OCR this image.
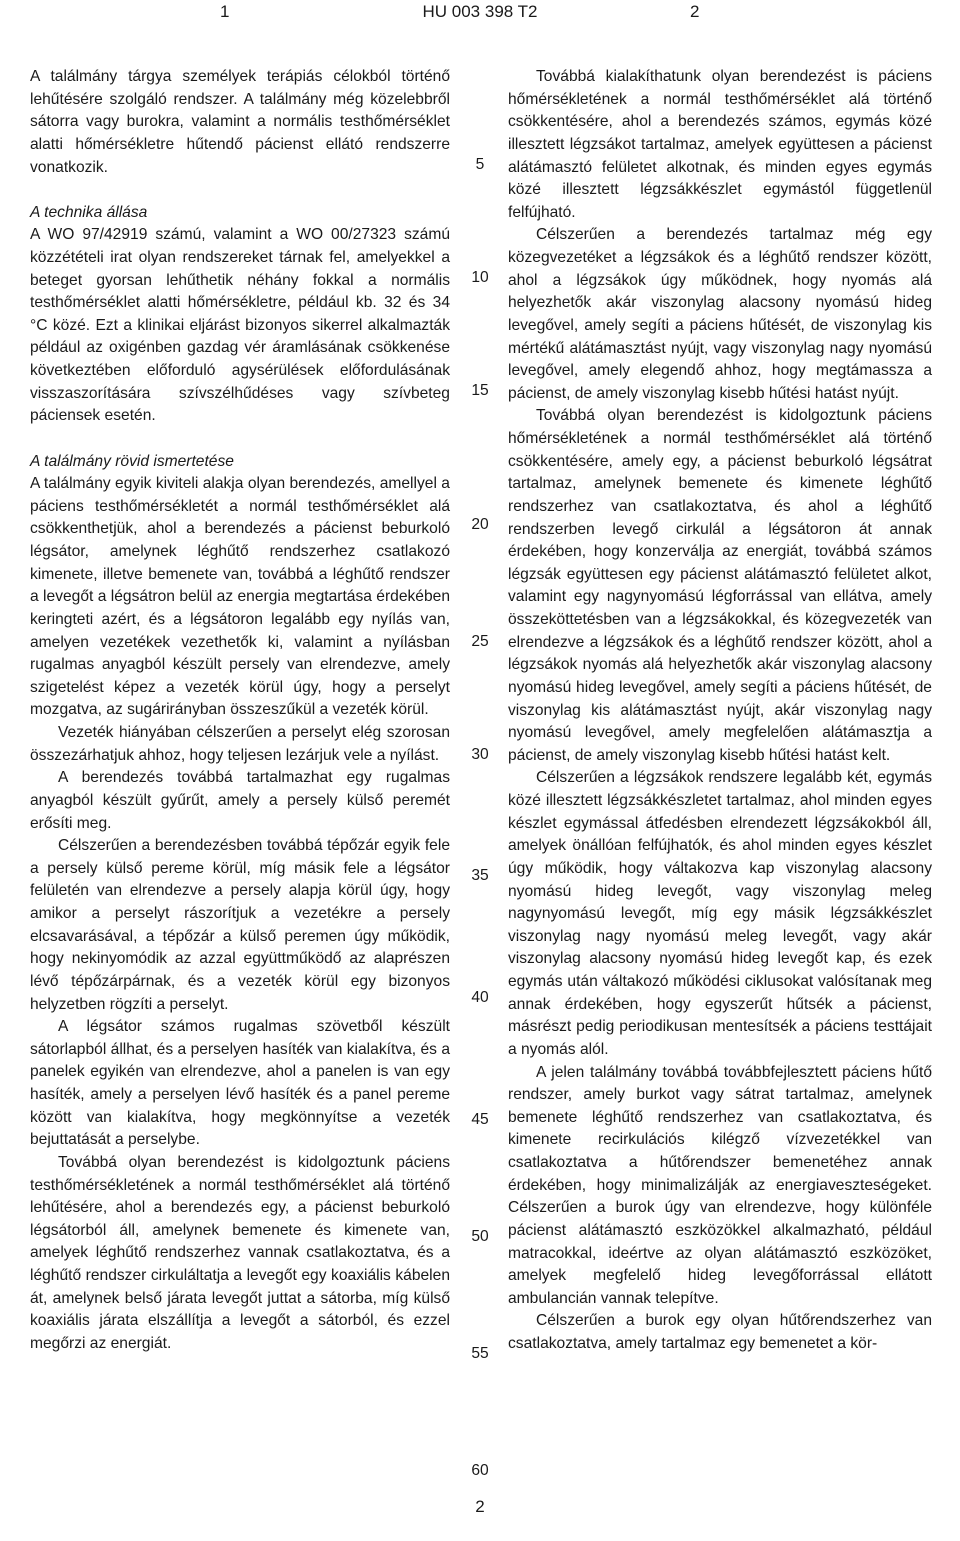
1	HU 003 398 T2	2

A találmány tárgya személyek terápiás célokból történő lehűtésére szolgáló rendszer. A találmány még közelebbről sátorra vagy burokra, valamint a normális testhőmérséklet alatti hőmérsékletre hűtendő pácienst ellátó rendszerre vonatkozik.

A technika állása

A WO 97/42919 számú, valamint a WO 00/27323 számú közzétételi irat olyan rendszereket tárnak fel, amelyekkel a beteget gyorsan lehűthetik néhány fokkal a normális testhőmérséklet alatti hőmérsékletre, például kb. 32 és 34 °C közé. Ezt a klinikai eljárást bizonyos sikerrel alkalmazták például az oxigénben gazdag vér áramlásának csökkenése következtében előforduló agysérülések előfordulásának visszaszorítására szívszélhűdéses vagy szívbeteg páciensek esetén.

A találmány rövid ismertetése

A találmány egyik kiviteli alakja olyan berendezés, amellyel a páciens testhőmérsékletét a normál testhőmérséklet alá csökkenthetjük, ahol a berendezés a pácienst beburkoló légsátor, amelynek léghűtő rendszerhez csatlakozó kimenete, illetve bemenete van, továbbá a léghűtő rendszer a levegőt a légsátron belül az energia megtartása érdekében keringteti azért, és a légsátoron legalább egy nyílás van, amelyen vezetékek vezethetők ki, valamint a nyílásban rugalmas anyagból készült persely van elrendezve, amely szigetelést képez a vezeték körül úgy, hogy a perselyt mozgatva, az sugárirányban összeszűkül a vezeték körül.

Vezeték hiányában célszerűen a perselyt elég szorosan összezárhatjuk ahhoz, hogy teljesen lezárjuk vele a nyílást.

A berendezés továbbá tartalmazhat egy rugalmas anyagból készült gyűrűt, amely a persely külső peremét erősíti meg.

Célszerűen a berendezésben továbbá tépőzár egyik fele a persely külső pereme körül, míg másik fele a légsátor felületén van elrendezve a persely alapja körül úgy, hogy amikor a perselyt rászorítjuk a vezetékre a persely elcsavarásával, a tépőzár a külső peremen úgy működik, hogy nekinyomódik az azzal együttműködő az alaprészen lévő tépőzárpárnak, és a vezeték körül egy bizonyos helyzetben rögzíti a perselyt.

A légsátor számos rugalmas szövetből készült sátorlapból állhat, és a perselyen hasíték van kialakítva, és a panelek egyikén van elrendezve, ahol a panelen is van egy hasíték, amely a perselyen lévő hasíték és a panel pereme között van kialakítva, hogy megkönnyítse a vezeték bejuttatását a perselybe.

Továbbá olyan berendezést is kidolgoztunk páciens testhőmérsékletének a normál testhőmérséklet alá történő lehűtésére, ahol a berendezés egy, a pácienst beburkoló légsátorból áll, amelynek bemenete és kimenete van, amelyek léghűtő rendszerhez vannak csatlakoztatva, és a léghűtő rendszer cirkuláltatja a levegőt egy koaxiális kábelen át, amelynek belső járata levegőt juttat a sátorba, míg külső koaxiális járata elszállítja a levegőt a sátorból, és ezzel megőrzi az energiát.

5
10
15
20
25
30
35
40
45
50
55
60

Továbbá kialakíthatunk olyan berendezést is páciens hőmérsékletének a normál testhőmérséklet alá történő csökkentésére, ahol a berendezés számos, egymás közé illesztett légzsákot tartalmaz, amelyek együttesen a pácienst alátámasztó felületet alkotnak, és minden egyes egymás közé illesztett légzsákkészlet egymástól függetlenül felfújható.

Célszerűen a berendezés tartalmaz még egy közegvezetéket a légzsákok és a léghűtő rendszer között, ahol a légzsákok úgy működnek, hogy nyomás alá helyezhetők akár viszonylag alacsony nyomású hideg levegővel, amely segíti a páciens hűtését, de viszonylag kis mértékű alátámasztást nyújt, vagy viszonylag nagy nyomású levegővel, amely elegendő ahhoz, hogy megtámassza a pácienst, de amely viszonylag kisebb hűtési hatást nyújt.

Továbbá olyan berendezést is kidolgoztunk páciens hőmérsékletének a normál testhőmérséklet alá történő csökkentésére, amely egy, a pácienst beburkoló légsátrat tartalmaz, amelynek bemenete és kimenete léghűtő rendszerhez van csatlakoztatva, és ahol a léghűtő rendszerben levegő cirkulál a légsátoron át annak érdekében, hogy konzerválja az energiát, továbbá számos légzsák együttesen egy pácienst alátámasztó felületet alkot, valamint egy nagynyomású légforrással van ellátva, amely összeköttetésben van a légzsákokkal, és közegvezeték van elrendezve a légzsákok és a léghűtő rendszer között, ahol a légzsákok nyomás alá helyezhetők akár viszonylag alacsony nyomású hideg levegővel, amely segíti a páciens hűtését, de viszonylag kis alátámasztást nyújt, akár viszonylag nagy nyomású levegővel, amely megfelelően alátámasztja a pácienst, de amely viszonylag kisebb hűtési hatást kelt.

Célszerűen a légzsákok rendszere legalább két, egymás közé illesztett légzsákkészletet tartalmaz, ahol minden egyes készlet egymással átfedésben elrendezett légzsákokból áll, amelyek önállóan felfújhatók, és ahol minden egyes készlet úgy működik, hogy váltakozva kap viszonylag alacsony nyomású hideg levegőt, vagy viszonylag meleg nagynyomású levegőt, míg egy másik légzsákkészlet viszonylag nagy nyomású meleg levegőt, vagy akár viszonylag alacsony nyomású hideg levegőt kap, és ezek egymás után váltakozó működési ciklusokat valósítanak meg annak érdekében, hogy egyszerűt hűtsék a pácienst, másrészt pedig periodikusan mentesítsék a páciens testtájait a nyomás alól.

A jelen találmány továbbá továbbfejlesztett páciens hűtő rendszer, amely burkot vagy sátrat tartalmaz, amelynek bemenete léghűtő rendszerhez van csatlakoztatva, és kimenete recirkulációs kilégző vízvezetékkel van csatlakoztatva a hűtőrendszer bemenetéhez annak érdekében, hogy minimalizálják az energiaveszteségeket. Célszerűen a burok úgy van elrendezve, hogy különféle pácienst alátámasztó eszközökkel alkalmazható, például matracokkal, ideértve az olyan alátámasztó eszközöket, amelyek megfelelő hideg levegőforrással ellátott ambulancián vannak telepítve.

Célszerűen a burok egy olyan hűtőrendszerhez van csatlakoztatva, amely tartalmaz egy bemenetet a kör-

2
